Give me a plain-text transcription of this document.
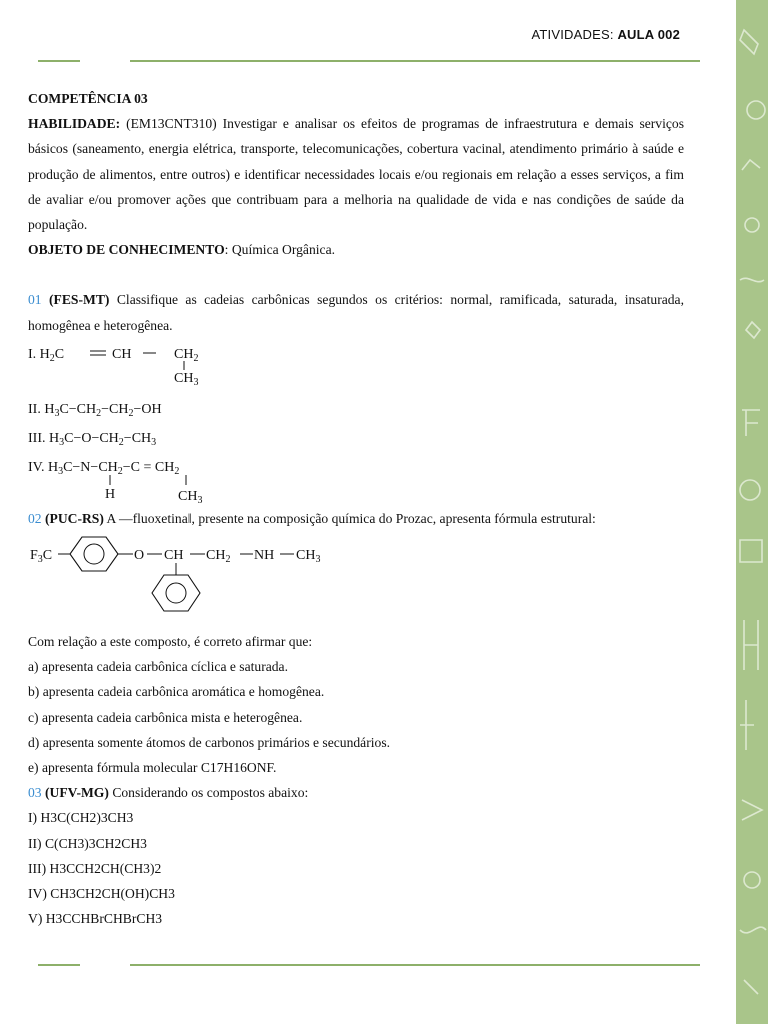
ATIVIDADES: AULA 002

COMPETÊNCIA 03

HABILIDADE: (EM13CNT310) Investigar e analisar os efeitos de programas de infraestrutura e demais serviços básicos (saneamento, energia elétrica, transporte, telecomunicações, cobertura vacinal, atendimento primário à saúde e produção de alimentos, entre outros) e identificar necessidades locais e/ou regionais em relação a esses serviços, a fim de avaliar e/ou promover ações que contribuam para a melhoria na qualidade de vida e nas condições de saúde da população.

OBJETO DE CONHECIMENTO: Química Orgânica.

01 (FES-MT) Classifique as cadeias carbônicas segundos os critérios: normal, ramificada, saturada, insaturada, homogênea e heterogênea.

I. $H_2C$	CH	$CH_2$
$CH_3$
II. $H_3C-CH_2-CH_2-OH$
III. $H_3C-O-CH_2-CH_3$
IV. $H_3C-N-CH_2-C = CH_2$
H	$CH_3$

02 (PUC-RS) A ―fluoxetina‖, presente na composição química do Prozac, apresenta fórmula estrutural:

$F_3C$	O CH $CH_2$ NH $CH_3$

Com relação a este composto, é correto afirmar que:

a) apresenta cadeia carbônica cíclica e saturada.

b) apresenta cadeia carbônica aromática e homogênea.

c) apresenta cadeia carbônica mista e heterogênea.

d) apresenta somente átomos de carbonos primários e secundários.

e) apresenta fórmula molecular C17H16ONF.

03 (UFV-MG) Considerando os compostos abaixo:

I) H3C(CH2)3CH3

II) C(CH3)3CH2CH3

III) H3CCH2CH(CH3)2

IV) CH3CH2CH(OH)CH3

V) H3CCHBrCHBrCH3
